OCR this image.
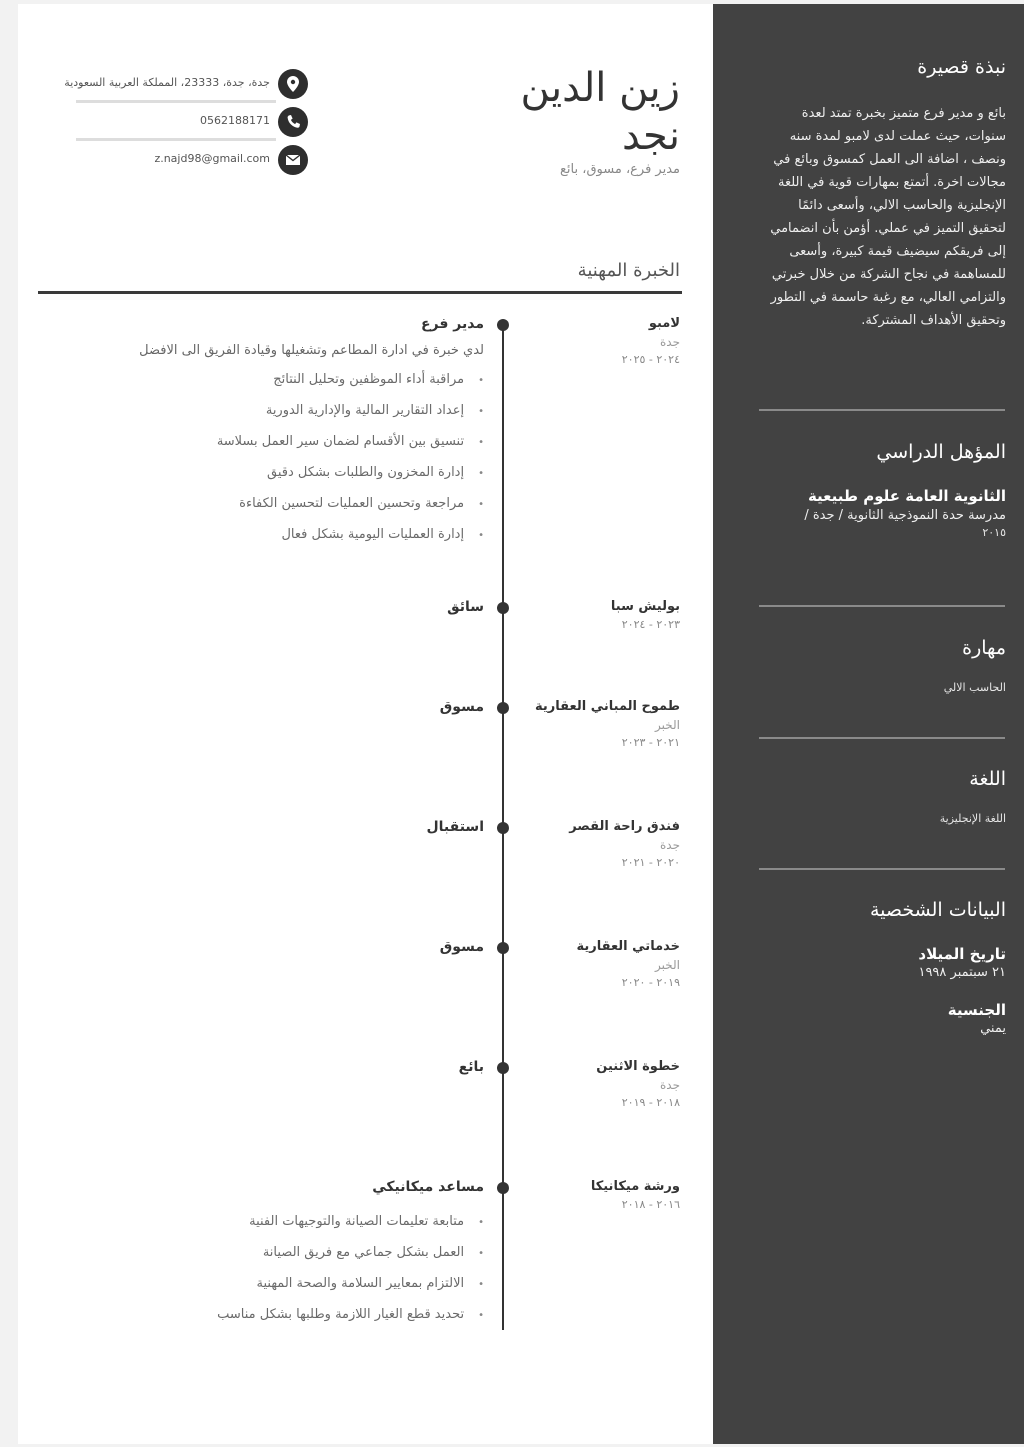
زين الدين
نجد
مدير فرع، مسوق، بائع
جدة، جدة، 23333، المملكة العربية السعودية
0562188171
z.najd98@gmail.com
الخبرة المهنية
لامبو
جدة
٢٠٢٤ - ٢٠٢٥
مدير فرع
لدي خبرة في ادارة المطاعم وتشغيلها وقيادة الفريق الى الافضل
• مراقبة أداء الموظفين وتحليل النتائج
• إعداد التقارير المالية والإدارية الدورية
• تنسيق بين الأقسام لضمان سير العمل بسلاسة
• إدارة المخزون والطلبات بشكل دقيق
• مراجعة وتحسين العمليات لتحسين الكفاءة
• إدارة العمليات اليومية بشكل فعال
بوليش سبا
٢٠٢٣ - ٢٠٢٤
سائق
طموح المباني العقارية
الخبر
٢٠٢١ - ٢٠٢٣
مسوق
فندق راحة القصر
جدة
٢٠٢٠ - ٢٠٢١
استقبال
خدماتي العقارية
الخبر
٢٠١٩ - ٢٠٢٠
مسوق
خطوة الاثنين
جدة
٢٠١٨ - ٢٠١٩
بائع
ورشة ميكانيكا
٢٠١٦ - ٢٠١٨
مساعد ميكانيكي
• متابعة تعليمات الصيانة والتوجيهات الفنية
• العمل بشكل جماعي مع فريق الصيانة
• الالتزام بمعايير السلامة والصحة المهنية
• تحديد قطع الغيار اللازمة وطلبها بشكل مناسب
نبذة قصيرة
بائع و مدير فرع متميز بخبرة تمتد لعدة سنوات، حيث عملت لدى لامبو لمدة سنه ونصف ، اضافة الى العمل كمسوق وبائع في مجالات اخرة. أتمتع بمهارات قوية في اللغة الإنجليزية والحاسب الالي، وأسعى دائمًا لتحقيق التميز في عملي. أؤمن بأن انضمامي إلى فريقكم سيضيف قيمة كبيرة، وأسعى للمساهمة في نجاح الشركة من خلال خبرتي والتزامي العالي، مع رغبة حاسمة في التطور وتحقيق الأهداف المشتركة.
المؤهل الدراسي
الثانوية العامة علوم طبيعية
مدرسة حدة النموذجية الثانوية / جدة /
٢٠١٥
مهارة
الحاسب الالي
اللغة
اللغة الإنجليزية
البيانات الشخصية
تاريخ الميلاد
٢١ سبتمبر ١٩٩٨
الجنسية
يمني
